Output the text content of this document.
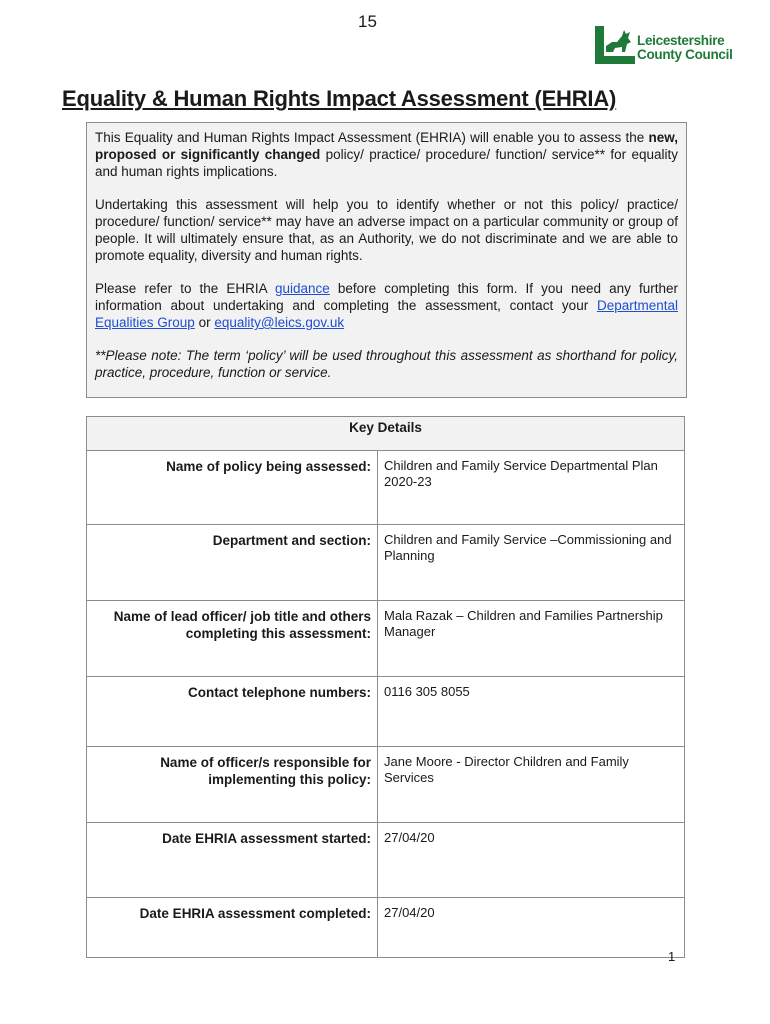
15
Leicestershire
County Council
Equality & Human Rights Impact Assessment (EHRIA)

This Equality and Human Rights Impact Assessment (EHRIA) will enable you to assess the new, proposed or significantly changed policy/ practice/ procedure/ function/ service** for equality and human rights implications.

Undertaking this assessment will help you to identify whether or not this policy/ practice/ procedure/ function/ service** may have an adverse impact on a particular community or group of people. It will ultimately ensure that, as an Authority, we do not discriminate and we are able to promote equality, diversity and human rights.

Please refer to the EHRIA guidance before completing this form. If you need any further information about undertaking and completing the assessment, contact your Departmental Equalities Group or equality@leics.gov.uk

**Please note: The term ‘policy’ will be used throughout this assessment as shorthand for policy, practice, procedure, function or service.

Key Details	
Name of policy being assessed:	Children and Family Service Departmental Plan 2020-23
Department and section:	Children and Family Service –Commissioning and Planning
Name of lead officer/ job title and others completing this assessment:	Mala Razak – Children and Families Partnership Manager
Contact telephone numbers:	0116 305 8055
Name of officer/s responsible for implementing this policy:	Jane Moore - Director Children and Family Services
Date EHRIA assessment started:	27/04/20
Date EHRIA assessment completed:	27/04/20
1
